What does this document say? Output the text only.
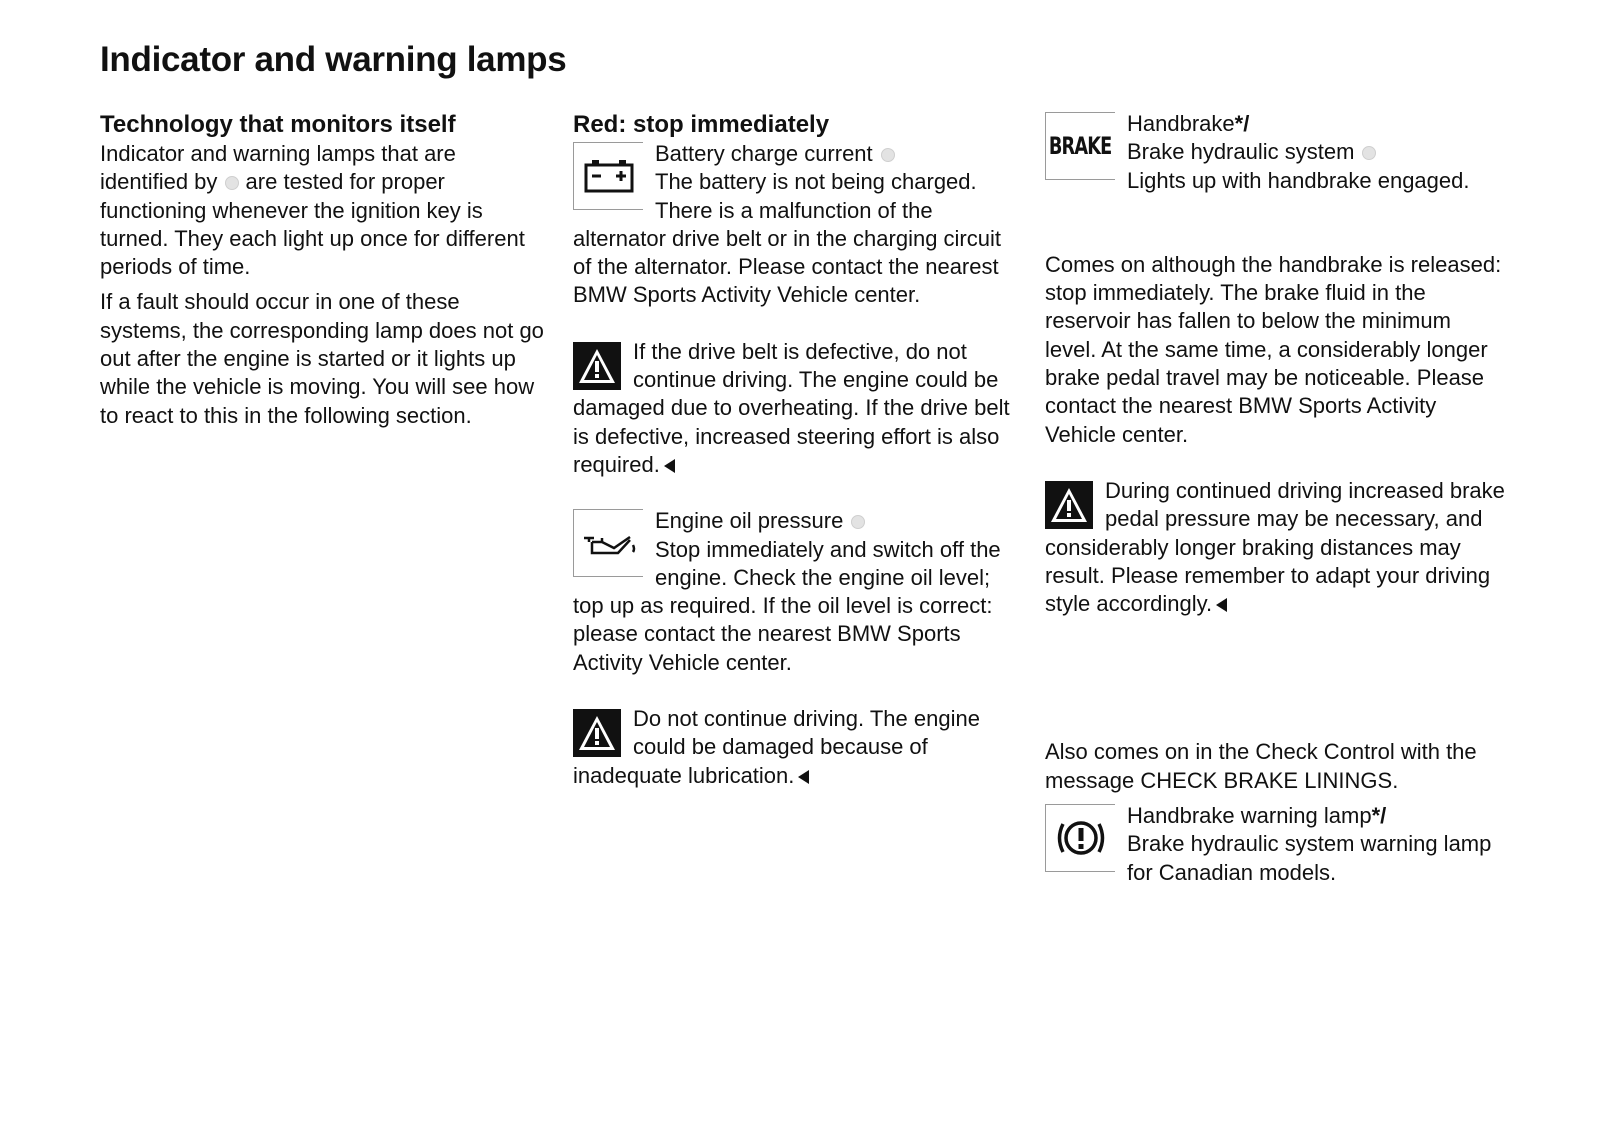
Indicator and warning lamps

Technology that monitors itself

Indicator and warning lamps that are identified by are tested for proper functioning whenever the ignition key is turned. They each light up once for different periods of time.

If a fault should occur in one of these systems, the corresponding lamp does not go out after the engine is started or it lights up while the vehicle is moving. You will see how to react to this in the following section.

Red: stop immediately

Battery charge current
The battery is not being charged. There is a malfunction of the alternator drive belt or in the charging circuit of the alternator. Please contact the nearest BMW Sports Activity Vehicle center.

If the drive belt is defective, do not continue driving. The engine could be damaged due to overheating. If the drive belt is defective, increased steering effort is also required.

Engine oil pressure
Stop immediately and switch off the engine. Check the engine oil level; top up as required. If the oil level is correct: please contact the nearest BMW Sports Activity Vehicle center.

Do not continue driving. The engine could be damaged because of inadequate lubrication.

BRAKE

Handbrake*/
Brake hydraulic system
Lights up with handbrake engaged.

Comes on although the handbrake is released: stop immediately. The brake fluid in the reservoir has fallen to below the minimum level. At the same time, a considerably longer brake pedal travel may be noticeable. Please contact the nearest BMW Sports Activity Vehicle center.

During continued driving increased brake pedal pressure may be necessary, and considerably longer braking distances may result. Please remember to adapt your driving style accordingly.

Also comes on in the Check Control with the message CHECK BRAKE LININGS.

Handbrake warning lamp*/
Brake hydraulic system warning lamp for Canadian models.
